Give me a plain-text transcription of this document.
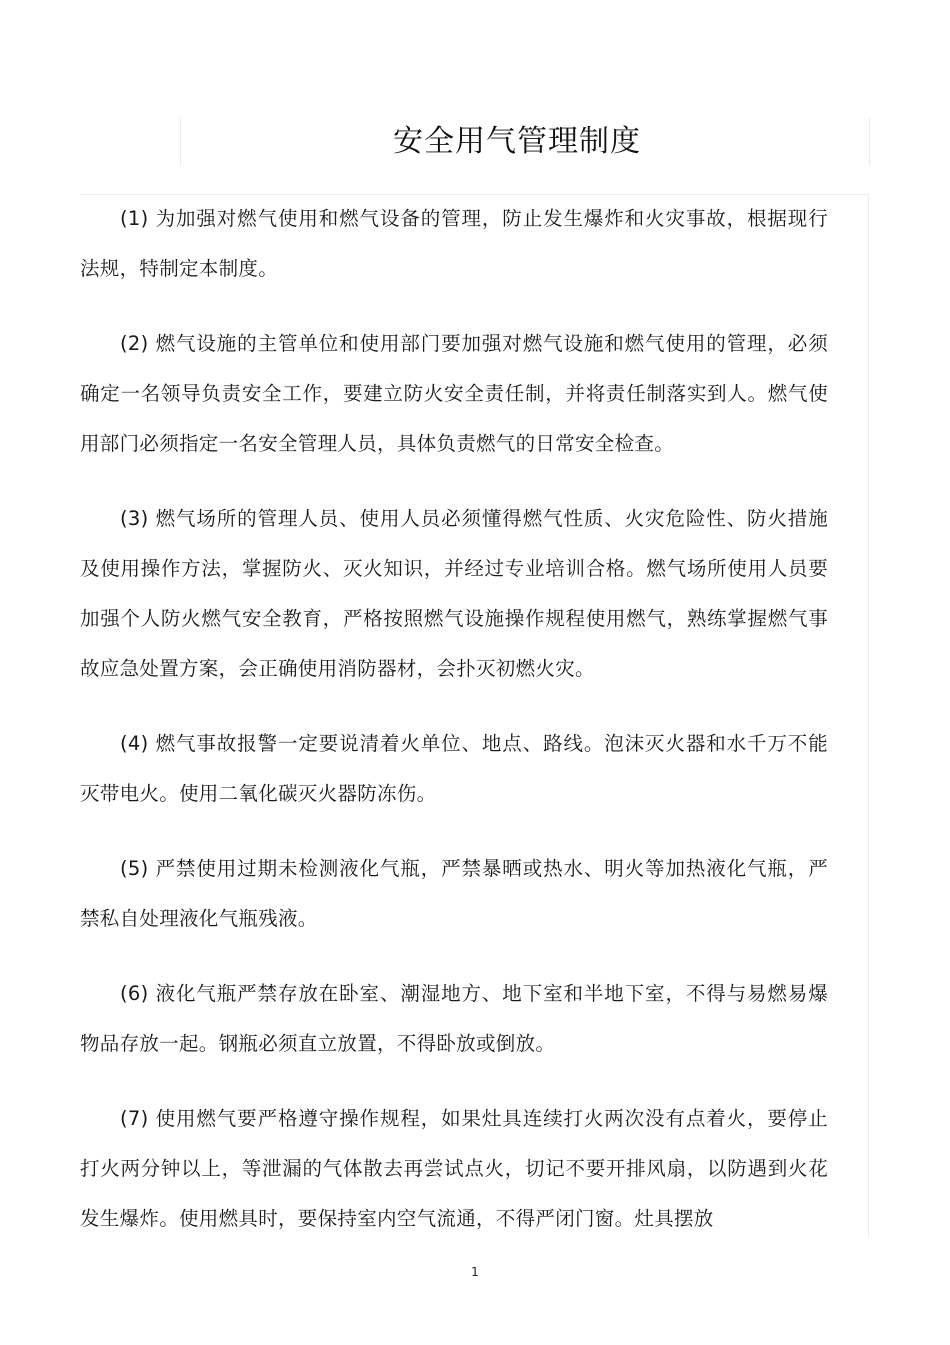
安全用气管理制度

(1) 为加强对燃气使用和燃气设备的管理，防止发生爆炸和火灾事故，根据现行法规，特制定本制度。

(2) 燃气设施的主管单位和使用部门要加强对燃气设施和燃气使用的管理，必须确定一名领导负责安全工作，要建立防火安全责任制，并将责任制落实到人。燃气使用部门必须指定一名安全管理人员，具体负责燃气的日常安全检查。

(3) 燃气场所的管理人员、使用人员必须懂得燃气性质、火灾危险性、防火措施及使用操作方法，掌握防火、灭火知识，并经过专业培训合格。燃气场所使用人员要加强个人防火燃气安全教育，严格按照燃气设施操作规程使用燃气，熟练掌握燃气事故应急处置方案，会正确使用消防器材，会扑灭初燃火灾。

(4) 燃气事故报警一定要说清着火单位、地点、路线。泡沫灭火器和水千万不能灭带电火。使用二氧化碳灭火器防冻伤。

(5) 严禁使用过期未检测液化气瓶，严禁暴晒或热水、明火等加热液化气瓶，严禁私自处理液化气瓶残液。

(6) 液化气瓶严禁存放在卧室、潮湿地方、地下室和半地下室，不得与易燃易爆物品存放一起。钢瓶必须直立放置，不得卧放或倒放。

(7) 使用燃气要严格遵守操作规程，如果灶具连续打火两次没有点着火，要停止打火两分钟以上，等泄漏的气体散去再尝试点火，切记不要开排风扇，以防遇到火花发生爆炸。使用燃具时，要保持室内空气流通，不得严闭门窗。灶具摆放

1
